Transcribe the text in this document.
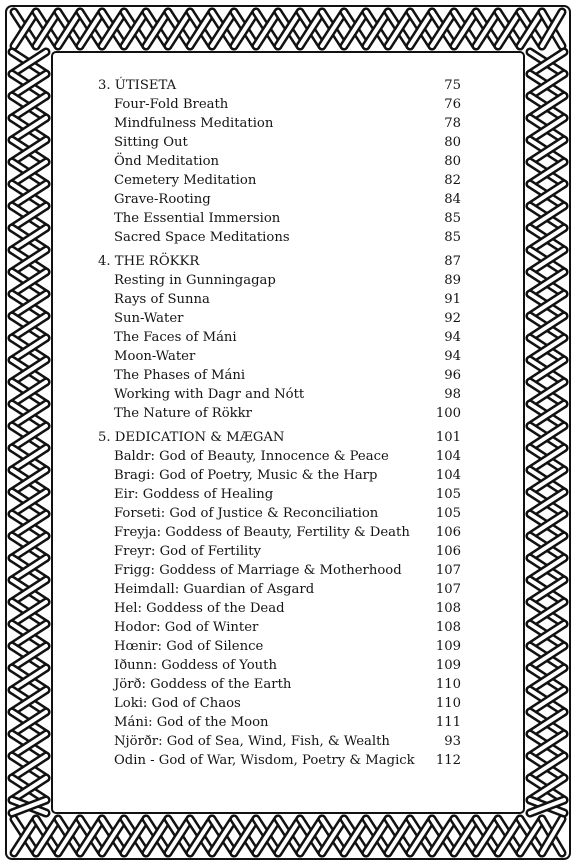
3. ÚTISETA	75
Four-Fold Breath	76
Mindfulness Meditation	78
Sitting Out	80
Önd Meditation	80
Cemetery Meditation	82
Grave-Rooting	84
The Essential Immersion	85
Sacred Space Meditations	85
4. THE RÖKKR	87
Resting in Gunningagap	89
Rays of Sunna	91
Sun-Water	92
The Faces of Máni	94
Moon-Water	94
The Phases of Máni	96
Working with Dagr and Nótt	98
The Nature of Rökkr	100
5. DEDICATION & MÆGAN	101
Baldr: God of Beauty, Innocence & Peace	104
Bragi: God of Poetry, Music & the Harp	104
Eir: Goddess of Healing	105
Forseti: God of Justice & Reconciliation	105
Freyja: Goddess of Beauty, Fertility & Death 106
Freyr: God of Fertility	106
Frigg: Goddess of Marriage & Motherhood	107
Heimdall: Guardian of Asgard	107
Hel: Goddess of the Dead	108
Hodor: God of Winter	108
Hœnir: God of Silence	109
Iðunn: Goddess of Youth	109
Jörð: Goddess of the Earth	110
Loki: God of Chaos	110
Máni: God of the Moon	111
Njörðr: God of Sea, Wind, Fish, & Wealth	93
Odin - God of War, Wisdom, Poetry & Magick 112
